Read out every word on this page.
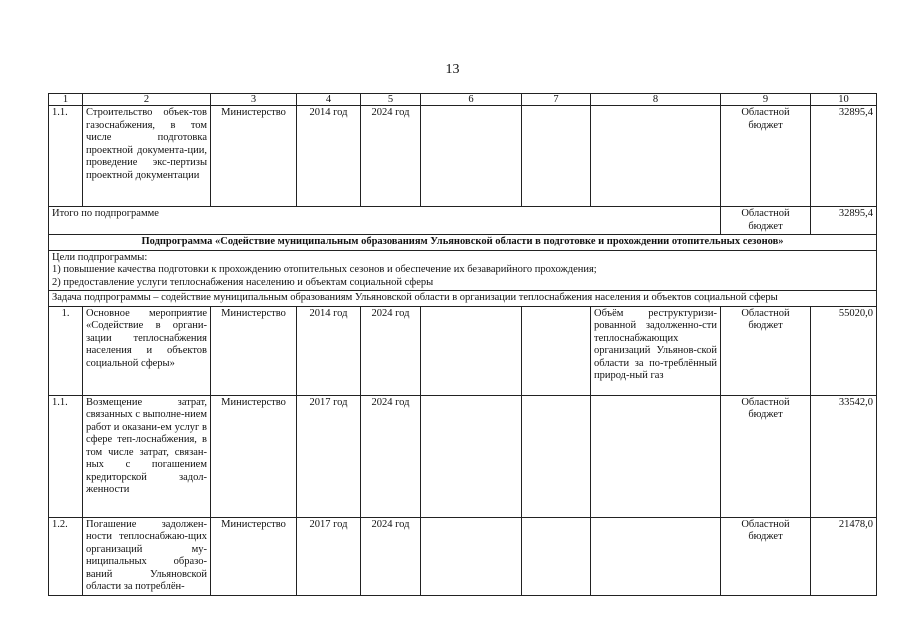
13
1	2	3	4	5	6	7	8	9	10
1.1.	Строительство объек-тов газоснабжения, в том числе подготовка проектной документа-ции, проведение экс-пертизы проектной документации	Министерство	2014 год	2024 год				Областной бюджет	32895,4
Итого по подпрограмме								Областной бюджет	32895,4
Подпрограмма «Содействие муниципальным образованиям Ульяновской области в подготовке и прохождении отопительных сезонов»									

Цели подпрограммы:
1) повышение качества подготовки к прохождению отопительных сезонов и обеспечение их безаварийного прохождения;
2) предоставление услуги теплоснабжения населению и объектам социальной сферы									

Задача подпрограммы – содействие муниципальным образованиям Ульяновской области в организации теплоснабжения населения и объектов социальной сферы									
1.	Основное мероприятие «Содействие в органи-зации теплоснабжения населения и объектов социальной сферы»	Министерство	2014 год	2024 год			Объём реструктуризи-рованной задолженно-сти теплоснабжающих организаций Ульянов-ской области за по-треблённый природ-ный газ	Областной бюджет	55020,0
1.1.	Возмещение затрат, связанных с выполне-нием работ и оказани-ем услуг в сфере теп-лоснабжения, в том числе затрат, связан-ных с погашением кредиторской задол-женности	Министерство	2017 год	2024 год				Областной бюджет	33542,0
1.2.	Погашение задолжен-ности теплоснабжаю-щих организаций му-ниципальных образо-ваний Ульяновской области за потреблён-	Министерство	2017 год	2024 год				Областной бюджет	21478,0
